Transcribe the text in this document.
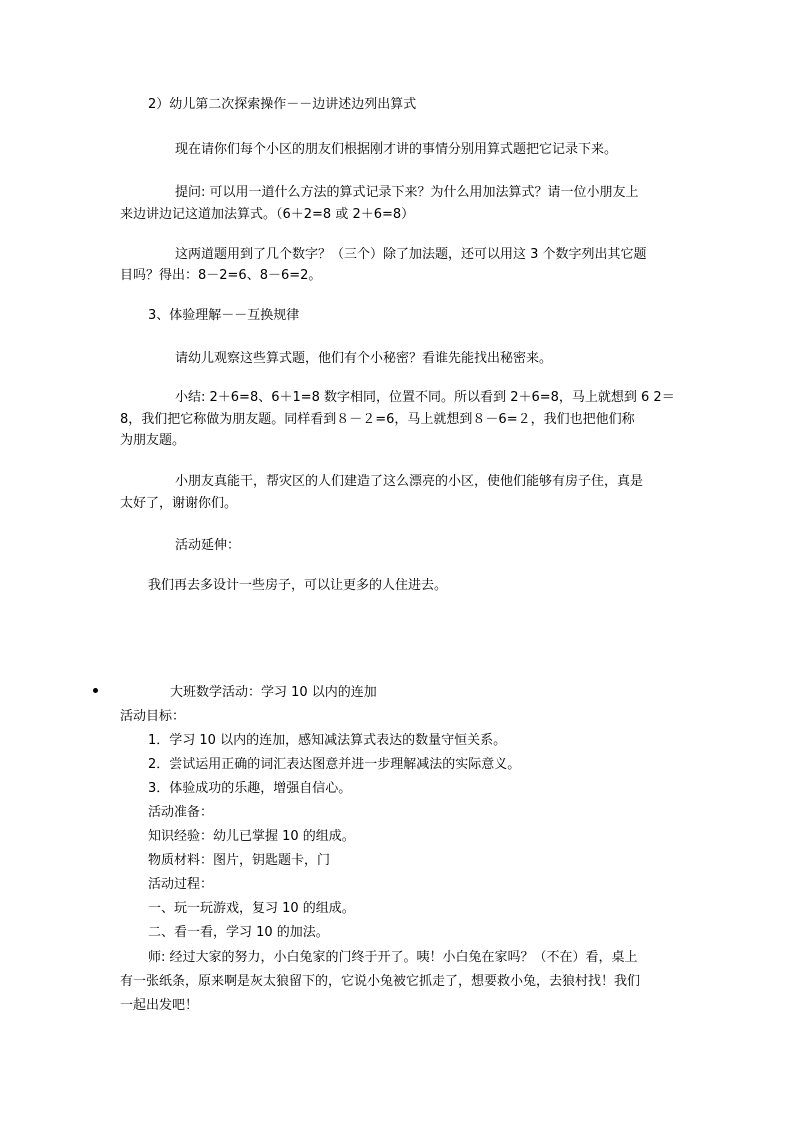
2）幼儿第二次探索操作－－边讲述边列出算式
现在请你们每个小区的朋友们根据刚才讲的事情分别用算式题把它记录下来。
提问: 可以用一道什么方法的算式记录下来？为什么用加法算式？请一位小朋友上
来边讲边记这道加法算式。（6＋2=8 或 2＋6=8）
这两道题用到了几个数字？（三个）除了加法题，还可以用这 3 个数字列出其它题
目吗？得出：8－2=6、8－6=2。
3、体验理解－－互换规律
请幼儿观察这些算式题，他们有个小秘密？看谁先能找出秘密来。
小结: 2＋6=8、6＋1=8 数字相同，位置不同。所以看到 2＋6=8，马上就想到 6 2＝
8，我们把它称做为朋友题。同样看到８－２=6，马上就想到８－6=２，我们也把他们称
为朋友题。
小朋友真能干，帮灾区的人们建造了这么漂亮的小区，使他们能够有房子住，真是
太好了，谢谢你们。
活动延伸：
我们再去多设计一些房子，可以让更多的人住进去。
大班数学活动：学习 10 以内的连加
活动目标：
1．学习 10 以内的连加，感知减法算式表达的数量守恒关系。
2．尝试运用正确的词汇表达图意并进一步理解减法的实际意义。
3．体验成功的乐趣，增强自信心。
活动准备：
知识经验：幼儿已掌握 10 的组成。
物质材料：图片，钥匙题卡，门
活动过程：
一、玩一玩游戏，复习 10 的组成。
二、看一看，学习 10 的加法。
师: 经过大家的努力，小白兔家的门终于开了。咦！小白兔在家吗？（不在）看，桌上
有一张纸条，原来啊是灰太狼留下的，它说小兔被它抓走了，想要救小兔，去狼村找！我们
一起出发吧！
